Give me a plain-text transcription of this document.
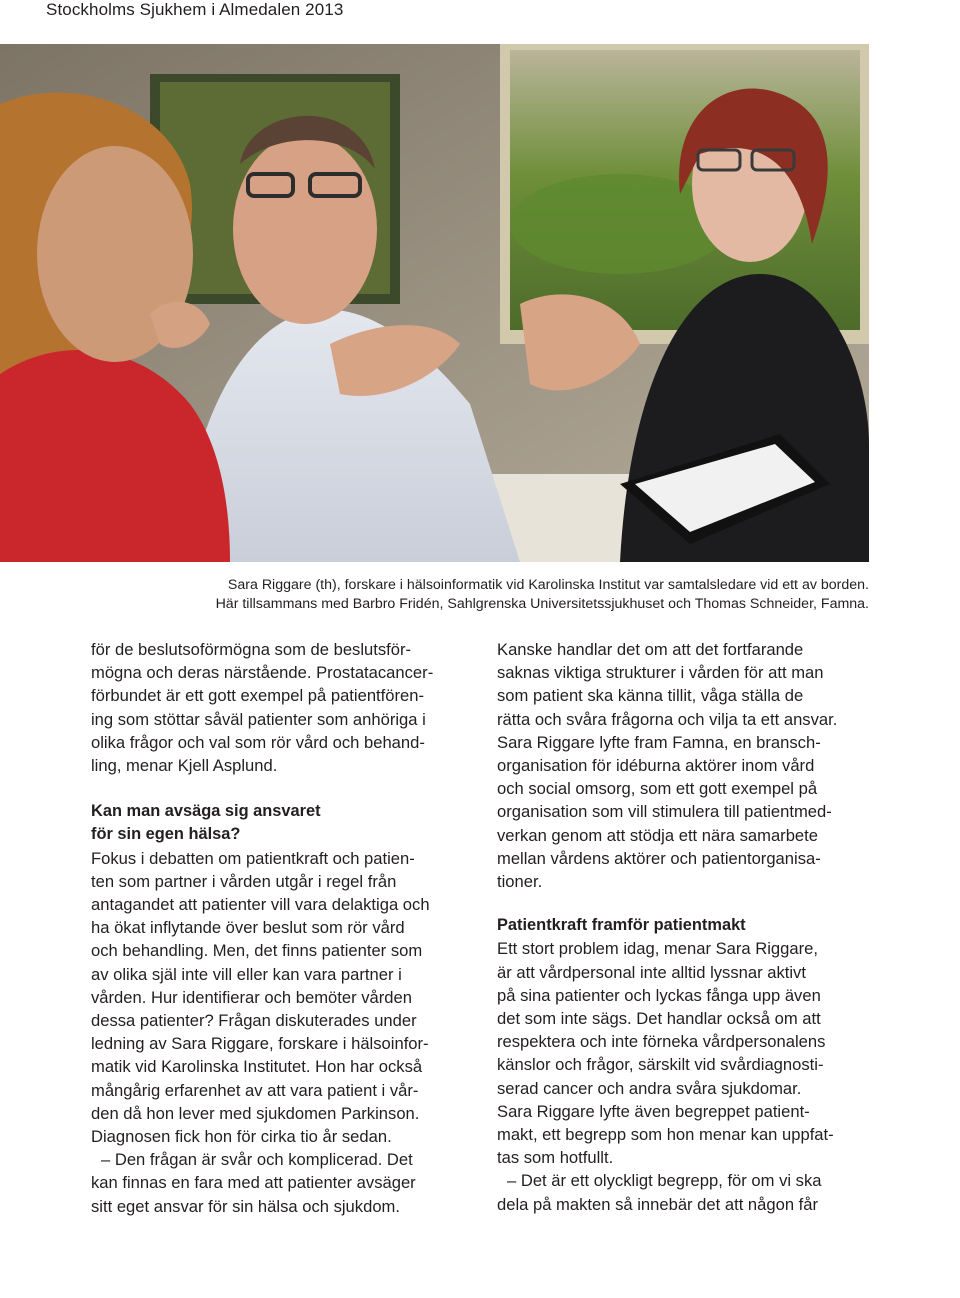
Stockholms Sjukhem i Almedalen 2013
Sara Riggare (th), forskare i hälsoinformatik vid Karolinska Institut var samtalsledare vid ett av borden.
Här tillsammans med Barbro Fridén, Sahlgrenska Universitetssjukhuset och Thomas Schneider, Famna.
för de beslutsoförmögna som de beslutsför-
mögna och deras närstående. Prostatacancer-
förbundet är ett gott exempel på patientfören-
ing som stöttar såväl patienter som anhöriga i
olika frågor och val som rör vård och behand-
ling, menar Kjell Asplund.
Kan man avsäga sig ansvaret
för sin egen hälsa?
Fokus i debatten om patientkraft och patien-
ten som partner i vården utgår i regel från
antagandet att patienter vill vara delaktiga och
ha ökat inflytande över beslut som rör vård
och behandling. Men, det finns patienter som
av olika själ inte vill eller kan vara partner i
vården. Hur identifierar och bemöter vården
dessa patienter? Frågan diskuterades under
ledning av Sara Riggare, forskare i hälsoinfor-
matik vid Karolinska Institutet. Hon har också
mångårig erfarenhet av att vara patient i vår-
den då hon lever med sjukdomen Parkinson.
Diagnosen fick hon för cirka tio år sedan.
– Den frågan är svår och komplicerad. Det
kan finnas en fara med att patienter avsäger
sitt eget ansvar för sin hälsa och sjukdom.
Kanske handlar det om att det fortfarande
saknas viktiga strukturer i vården för att man
som patient ska känna tillit, våga ställa de
rätta och svåra frågorna och vilja ta ett ansvar.
Sara Riggare lyfte fram Famna, en bransch-
organisation för idéburna aktörer inom vård
och social omsorg, som ett gott exempel på
organisation som vill stimulera till patientmed-
verkan genom att stödja ett nära samarbete
mellan vårdens aktörer och patientorganisa-
tioner.
Patientkraft framför patientmakt
Ett stort problem idag, menar Sara Riggare,
är att vårdpersonal inte alltid lyssnar aktivt
på sina patienter och lyckas fånga upp även
det som inte sägs. Det handlar också om att
respektera och inte förneka vårdpersonalens
känslor och frågor, särskilt vid svårdiagnosti-
serad cancer och andra svåra sjukdomar.
Sara Riggare lyfte även begreppet patient-
makt, ett begrepp som hon menar kan uppfat-
tas som hotfullt.
– Det är ett olyckligt begrepp, för om vi ska
dela på makten så innebär det att någon får
